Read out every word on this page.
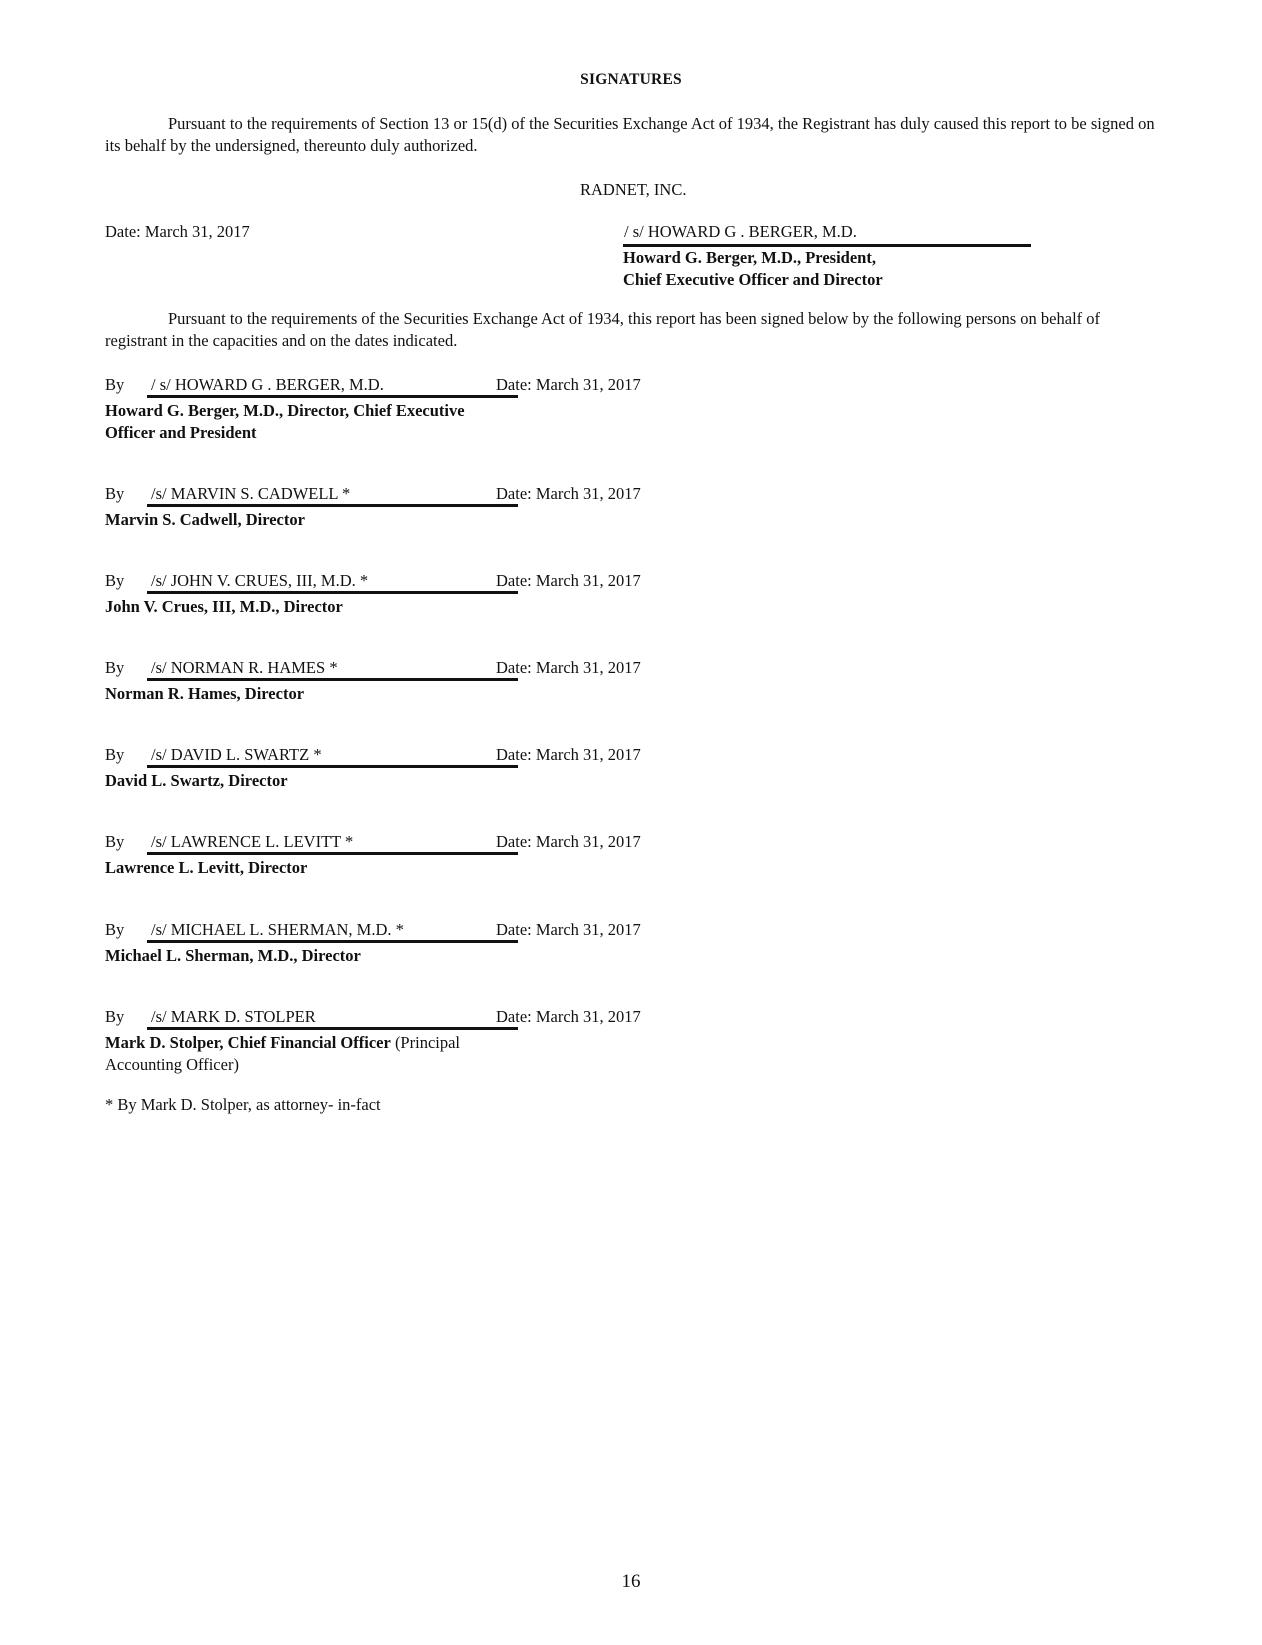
SIGNATURES

Pursuant to the requirements of Section 13 or 15(d) of the Securities Exchange Act of 1934, the Registrant has duly caused this report to be signed on its behalf by the undersigned, thereunto duly authorized.

RADNET, INC.
Date: March 31, 2017	/ s/ HOWARD G . BERGER, M.D.
Howard G. Berger, M.D., President,
Chief Executive Officer and Director

Pursuant to the requirements of the Securities Exchange Act of 1934, this report has been signed below by the following persons on behalf of registrant in the capacities and on the dates indicated.

By / s/ HOWARD G . BERGER, M.D.	Date: March 31, 2017
Howard G. Berger, M.D., Director, Chief Executive Officer and President
By /s/ MARVIN S. CADWELL *	Date: March 31, 2017
Marvin S. Cadwell, Director
By /s/ JOHN V. CRUES, III, M.D. *	Date: March 31, 2017
John V. Crues, III, M.D., Director
By /s/ NORMAN R. HAMES *	Date: March 31, 2017
Norman R. Hames, Director
By /s/ DAVID L. SWARTZ *	Date: March 31, 2017
David L. Swartz, Director
By /s/ LAWRENCE L. LEVITT *	Date: March 31, 2017
Lawrence L. Levitt, Director
By /s/ MICHAEL L. SHERMAN, M.D. *	Date: March 31, 2017
Michael L. Sherman, M.D., Director
By /s/ MARK D. STOLPER	Date: March 31, 2017
Mark D. Stolper, Chief Financial Officer (Principal Accounting Officer)
* By Mark D. Stolper, as attorney- in-fact
16
